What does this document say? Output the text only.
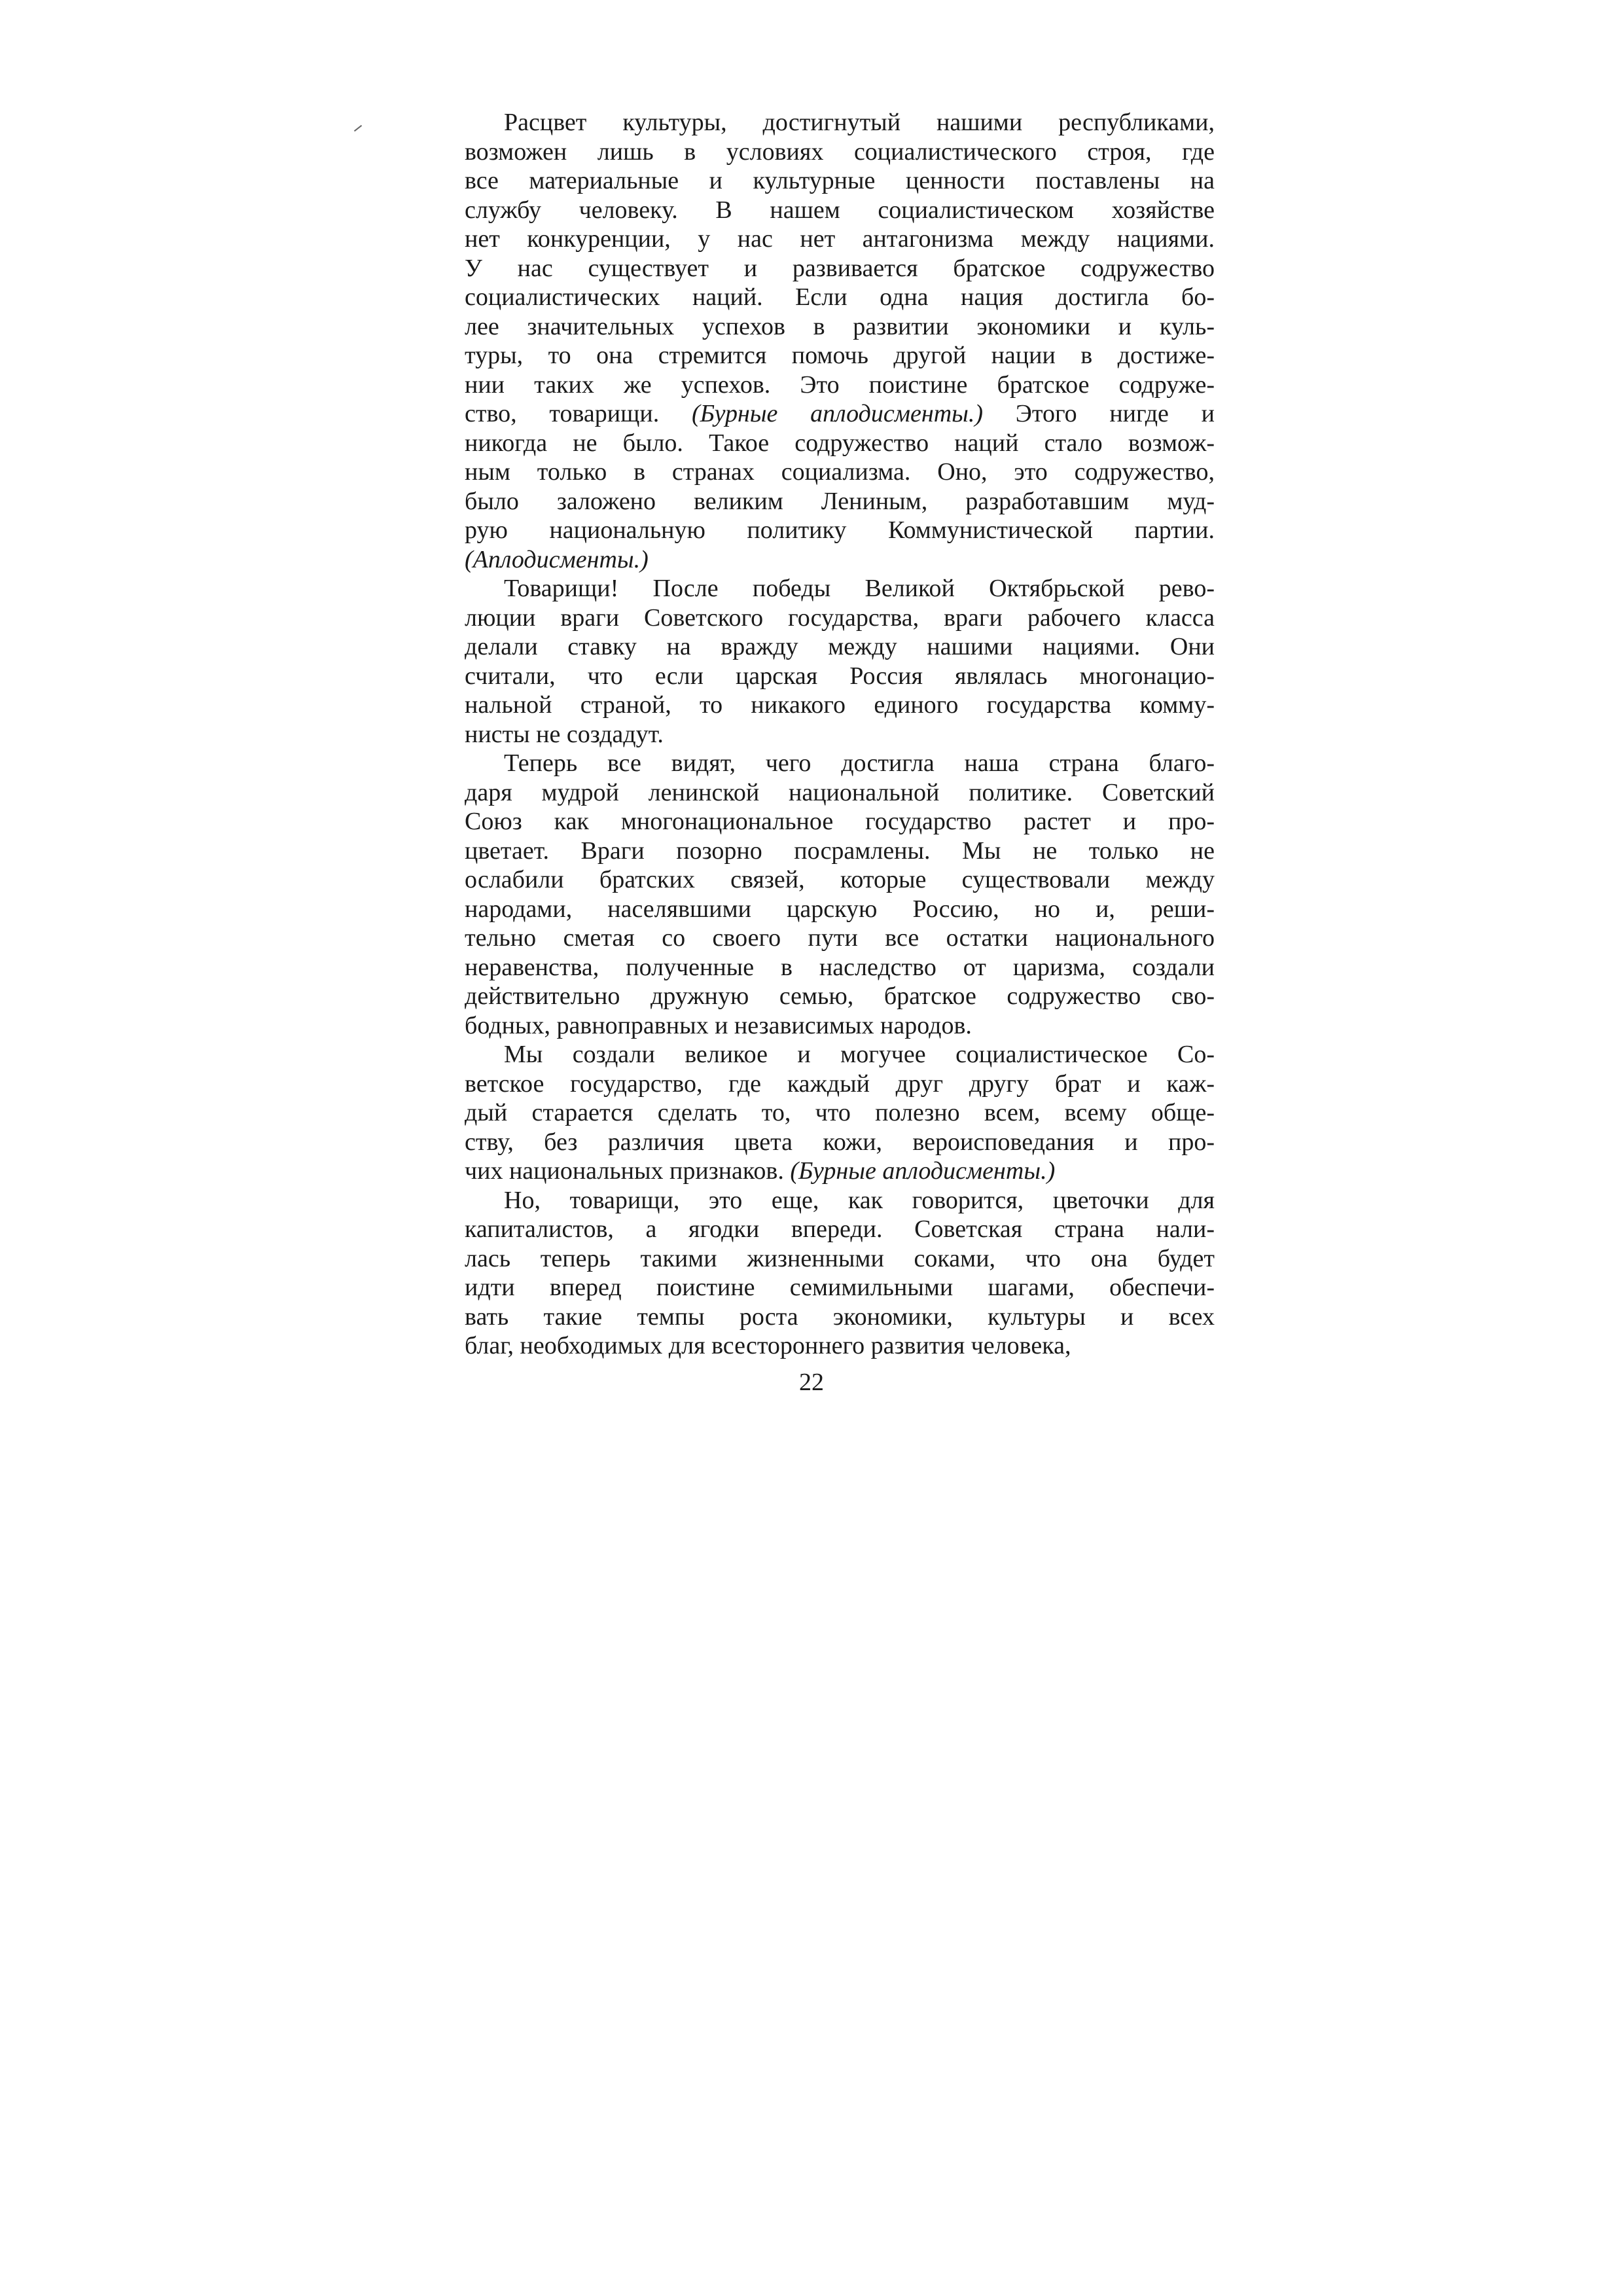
Расцвет культуры, достигнутый нашими республиками,
возможен лишь в условиях социалистического строя, где
все материальные и культурные ценности поставлены на
службу человеку. В нашем социалистическом хозяйстве
нет конкуренции, у нас нет антагонизма между нациями.
У нас существует и развивается братское содружество
социалистических наций. Если одна нация достигла бо-
лее значительных успехов в развитии экономики и куль-
туры, то она стремится помочь другой нации в достиже-
нии таких же успехов. Это поистине братское содруже-
ство, товарищи. (Бурные аплодисменты.) Этого нигде и
никогда не было. Такое содружество наций стало возмож-
ным только в странах социализма. Оно, это содружество,
было заложено великим Лениным, разработавшим муд-
рую национальную политику Коммунистической партии.
(Аплодисменты.)
Товарищи! После победы Великой Октябрьской рево-
люции враги Советского государства, враги рабочего класса
делали ставку на вражду между нашими нациями. Они
считали, что если царская Россия являлась многонацио-
нальной страной, то никакого единого государства комму-
нисты не создадут.
Теперь все видят, чего достигла наша страна благо-
даря мудрой ленинской национальной политике. Советский
Союз как многонациональное государство растет и про-
цветает. Враги позорно посрамлены. Мы не только не
ослабили братских связей, которые существовали между
народами, населявшими царскую Россию, но и, реши-
тельно сметая со своего пути все остатки национального
неравенства, полученные в наследство от царизма, создали
действительно дружную семью, братское содружество сво-
бодных, равноправных и независимых народов.
Мы создали великое и могучее социалистическое Со-
ветское государство, где каждый друг другу брат и каж-
дый старается сделать то, что полезно всем, всему обще-
ству, без различия цвета кожи, вероисповедания и про-
чих национальных признаков. (Бурные аплодисменты.)
Но, товарищи, это еще, как говорится, цветочки для
капиталистов, а ягодки впереди. Советская страна нали-
лась теперь такими жизненными соками, что она будет
идти вперед поистине семимильными шагами, обеспечи-
вать такие темпы роста экономики, культуры и всех
благ, необходимых для всестороннего развития человека,
22
